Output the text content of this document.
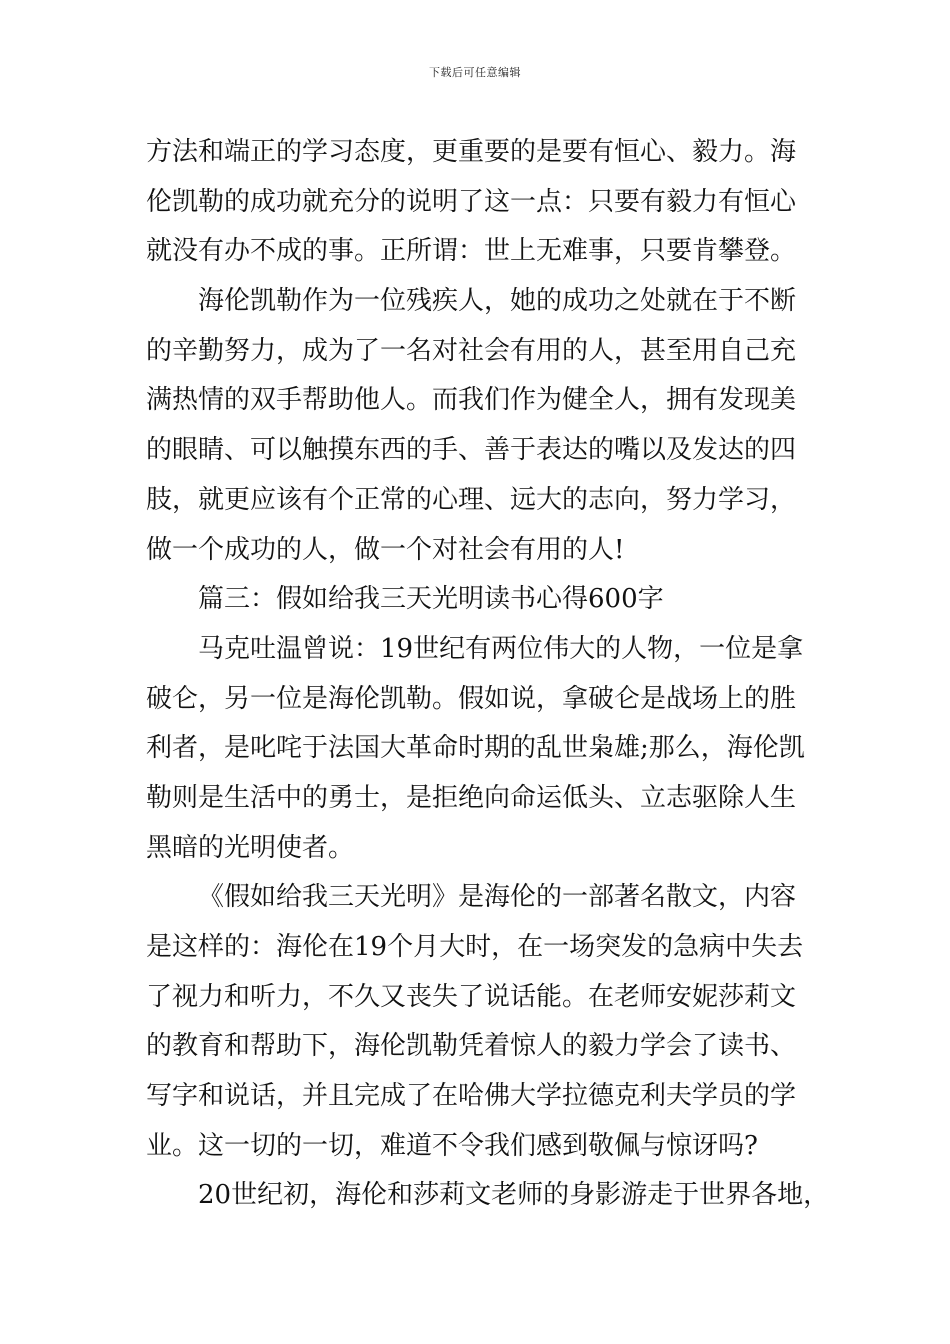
下载后可任意编辑
方法和端正的学习态度，更重要的是要有恒心、毅力。海
伦凯勒的成功就充分的说明了这一点：只要有毅力有恒心
就没有办不成的事。正所谓：世上无难事，只要肯攀登。
海伦凯勒作为一位残疾人，她的成功之处就在于不断
的辛勤努力，成为了一名对社会有用的人，甚至用自己充
满热情的双手帮助他人。而我们作为健全人，拥有发现美
的眼睛、可以触摸东西的手、善于表达的嘴以及发达的四
肢，就更应该有个正常的心理、远大的志向，努力学习，
做一个成功的人，做一个对社会有用的人!
篇三：假如给我三天光明读书心得600字
马克吐温曾说：19世纪有两位伟大的人物，一位是拿
破仑，另一位是海伦凯勒。假如说，拿破仑是战场上的胜
利者，是叱咤于法国大革命时期的乱世枭雄;那么，海伦凯
勒则是生活中的勇士，是拒绝向命运低头、立志驱除人生
黑暗的光明使者。
《假如给我三天光明》是海伦的一部著名散文，内容
是这样的：海伦在19个月大时，在一场突发的急病中失去
了视力和听力，不久又丧失了说话能。在老师安妮莎莉文
的教育和帮助下，海伦凯勒凭着惊人的毅力学会了读书、
写字和说话，并且完成了在哈佛大学拉德克利夫学员的学
业。这一切的一切，难道不令我们感到敬佩与惊讶吗?
20世纪初，海伦和莎莉文老师的身影游走于世界各地，
